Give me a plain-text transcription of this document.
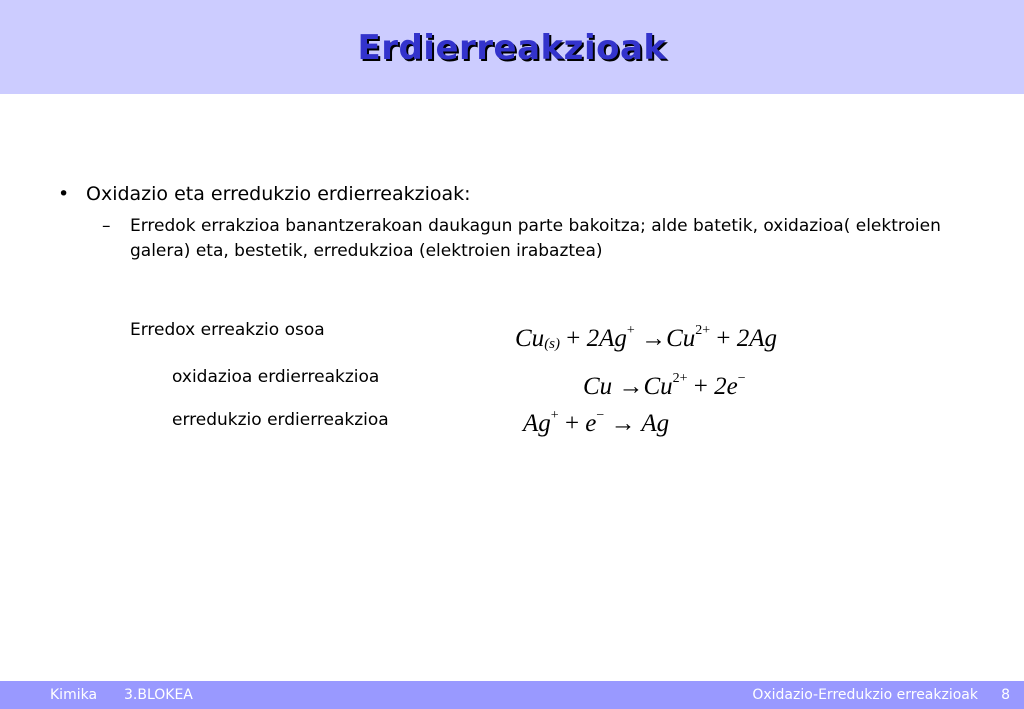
Erdierreakzioak
• Oxidazio eta erredukzio erdierreakzioak:
– Erredok errakzioa banantzerakoan daukagun parte bakoitza; alde batetik, oxidazioa( elektroien galera) eta, bestetik, erredukzioa (elektroien irabaztea)
Erredox erreakzio osoa
oxidazioa erdierreakzioa
erredukzio erdierreakzioa
$Cu(s) + 2Ag^+ \to Cu^{2+} + 2Ag$
$Cu \to Cu^{2+} + 2e^-$
Ag+ + e− → Ag
Kimika 3.BLOKEA	Oxidazio-Erredukzio erreakzioak 8
